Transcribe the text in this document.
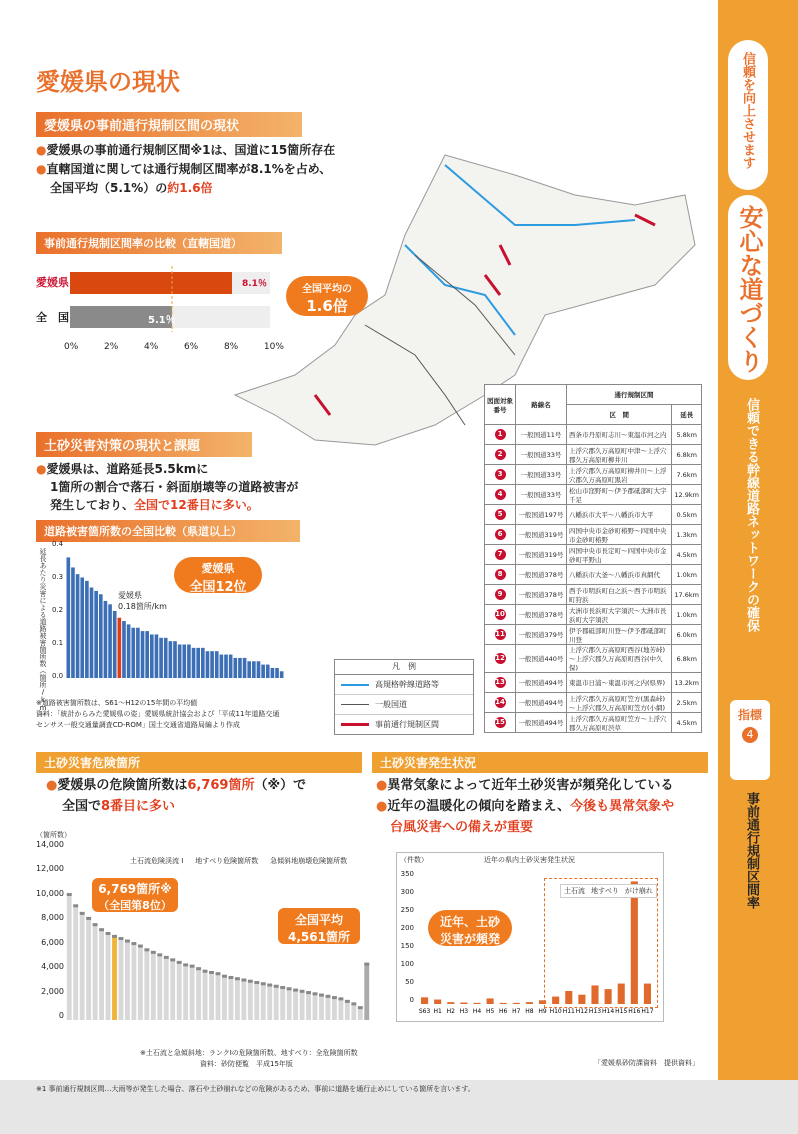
信頼を向上させます
安心な道づくり
信頼できる幹線道路ネットワークの確保
指標
4
事前通行規制区間率
愛媛県の現状
愛媛県の事前通行規制区間の現状
●愛媛県の事前通行規制区間※1は、国道に15箇所存在
●直轄国道に関しては通行規制区間率が8.1%を占め、
全国平均（5.1%）の約1.6倍
事前通行規制区間率の比較（直轄国道）
愛媛県
全　国
8.1％
5.1％
0%	2%	4%	6%	8%	10%
全国平均の
1.6倍
土砂災害対策の現状と課題
●愛媛県は、道路延長5.5kmに
1箇所の割合で落石・斜面崩壊等の道路被害が
発生しており、全国で12番目に多い。
道路被害箇所数の全国比較（県道以上）
延長あたり災害による道路被害箇所数（箇所/km）
0.4
0.3
0.2
0.1
0.0
愛媛県
0.18箇所/km
愛媛県
全国12位
※道路被害箇所数は、S61～H12の15年間の平均値
資料：「統計からみた愛媛県の姿」愛媛県統計協会および「平成11年道路交通
センサス一般交通量調査CD-ROM」国土交通省道路局編より作成
凡　例
高規格幹線道路等
一般国道
事前通行規制区間
図面対象番号	路線名	通行規制区間	
		区　間	延長
1	一般国道11号	西条市丹原町志川～東温市河之内	5.8km
2	一般国道33号	上浮穴郡久万高原町中津～上浮穴郡久万高原町柳井川	6.8km
3	一般国道33号	上浮穴郡久万高原町柳井川～上浮穴郡久万高原町黒岩	7.6km
4	一般国道33号	松山市窪野町～伊予郡砥部町大字千足	12.9km
5	一般国道197号	八幡浜市大平～八幡浜市大平	0.5km
6	一般国道319号	四国中央市金砂町椿野～四国中央市金砂町椿野	1.3km
7	一般国道319号	四国中央市長定町～四国中央市金砂町平野山	4.5km
8	一般国道378号	八幡浜市大釜～八幡浜市真網代	1.0km
9	一般国道378号	西予市明浜町白之浜～西予市明浜町狩浜	17.6km
10	一般国道378号	大洲市長浜町大字須沢～大洲市長浜町大字須沢	1.0km
11	一般国道379号	伊予郡砥部町川登～伊予郡砥部町川登	6.0km
12	一般国道440号	上浮穴郡久万高原町西谷(地芳峠)～上浮穴郡久万高原町西谷(中久保)	6.8km
13	一般国道494号	東温市日浦～東温市河之内(県界)	13.2km
14	一般国道494号	上浮穴郡久万高原町笠方(黒森峠)～上浮穴郡久万高原町笠方(小網)	2.5km
15	一般国道494号	上浮穴郡久万高原町笠方～上浮穴郡久万高原町渋草	4.5km
土砂災害危険箇所
●愛媛県の危険箇所数は6,769箇所（※）で
全国で8番目に多い
（箇所数）
14,000
12,000
10,000
8,000
6,000
4,000
2,000
0
土石流危険渓流 Ⅰ 地すべり危険箇所数 急傾斜地崩壊危険箇所数
6,769箇所※
（全国第8位）
全国平均
4,561箇所
※土石流と急傾斜地：ランクⅠの危険箇所数、地すべり：全危険箇所数
資料：砂防便覧　平成15年版
土砂災害発生状況
●異常気象によって近年土砂災害が頻発化している
●近年の温暖化の傾向を踏まえ、今後も異常気象や
台風災害への備えが重要
（件数）	近年の県内土砂災害発生状況
350
300
250
200
150
100
50
0
S63 H1 H2 H3 H4 H5 H6 H7 H8 H9 H10 H11 H12 H13 H14 H15 H16 H17
土石流 地すべり がけ崩れ
近年、土砂
災害が頻発
「愛媛県砂防課資料　提供資料」
※1 事前通行規制区間…大雨等が発生した場合、落石や土砂崩れなどの危険があるため、事前に道路を通行止めにしている箇所を言います。
